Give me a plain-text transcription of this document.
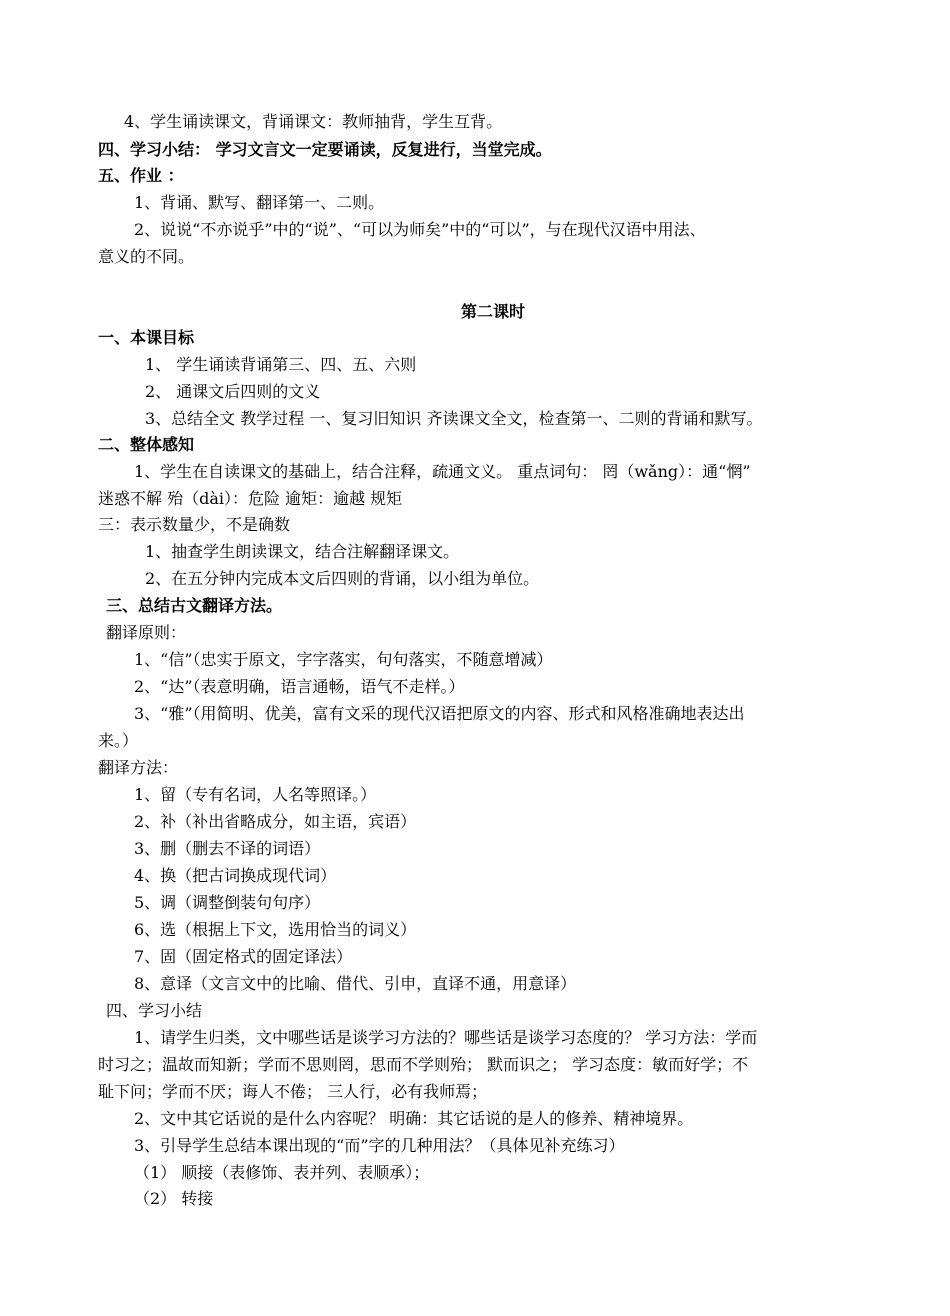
4、学生诵读课文，背诵课文：教师抽背，学生互背。
四、学习小结： 学习文言文一定要诵读，反复进行，当堂完成。
五、作业 ：
1、背诵、默写、翻译第一、二则。
2、说说“不亦说乎”中的“说”、“可以为师矣”中的“可以”，与在现代汉语中用法、
意义的不同。
第二课时
一、本课目标
1、 学生诵读背诵第三、四、五、六则
2、 通课文后四则的文义
3、总结全文 教学过程 一、复习旧知识 齐读课文全文，检查第一、二则的背诵和默写。
二、整体感知
1、学生在自读课文的基础上，结合注释，疏通文义。 重点词句： 罔（wǎng）：通“惘”
迷惑不解 殆（dài）：危险 逾矩：逾越 规矩
三：表示数量少，不是确数
1、抽查学生朗读课文，结合注解翻译课文。
2、在五分钟内完成本文后四则的背诵，以小组为单位。
三、总结古文翻译方法。
翻译原则：
1、“信”（忠实于原文，字字落实，句句落实，不随意增减）
2、“达”（表意明确，语言通畅，语气不走样。）
3、“雅”（用简明、优美，富有文采的现代汉语把原文的内容、形式和风格准确地表达出
来。）
翻译方法：
1、留（专有名词，人名等照译。）
2、补（补出省略成分，如主语，宾语）
3、删（删去不译的词语）
4、换（把古词换成现代词）
5、调（调整倒装句句序）
6、选（根据上下文，选用恰当的词义）
7、固（固定格式的固定译法）
8、意译（文言文中的比喻、借代、引申，直译不通，用意译）
四、学习小结
1、请学生归类，文中哪些话是谈学习方法的？哪些话是谈学习态度的？ 学习方法：学而
时习之；温故而知新；学而不思则罔，思而不学则殆； 默而识之； 学习态度：敏而好学；不
耻下问；学而不厌；诲人不倦； 三人行，必有我师焉；
2、文中其它话说的是什么内容呢？ 明确：其它话说的是人的修养、精神境界。
3、引导学生总结本课出现的“而”字的几种用法？（具体见补充练习）
（1） 顺接（表修饰、表并列、表顺承）；
（2） 转接
